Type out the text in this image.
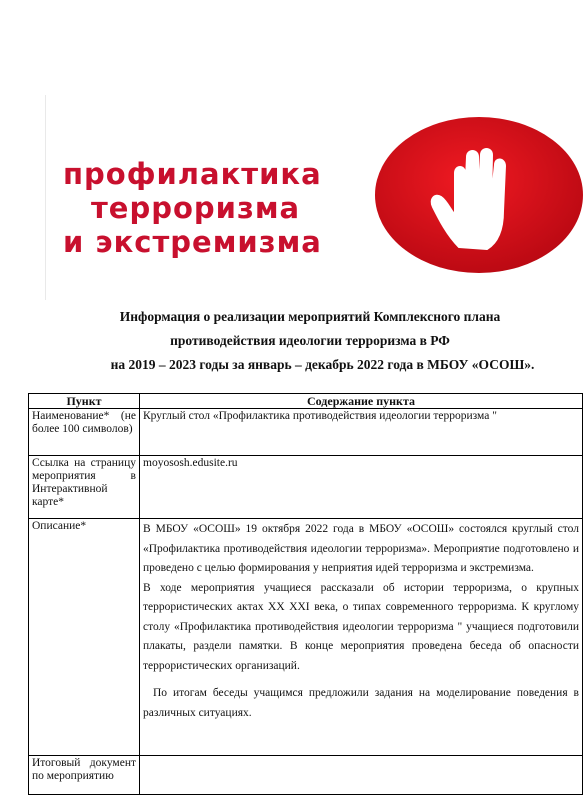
профилактика
терроризма
и экстремизма
Информация о реализации мероприятий Комплексного плана
противодействия идеологии терроризма в РФ
на 2019 – 2023 годы за январь – декабрь 2022 года в МБОУ «ОСОШ».
Пункт	Содержание пункта
Наименование* (не более 100 символов)	Круглый стол «Профилактика противодействия идеологии терроризма "
Ссылка на страницу мероприятия в Интерактивной карте*	moyososh.edusite.ru
Описание*	В МБОУ «ОСОШ» 19 октября 2022 года в МБОУ «ОСОШ» состоялся круглый стол «Профилактика противодействия идеологии терроризма». Мероприятие подготовлено и проведено с целью формирования у неприятия идей терроризма и экстремизма.

В ходе мероприятия учащиеся рассказали об истории терроризма, о крупных террористических актах XX XXI века, о типах современного терроризма. К круглому столу «Профилактика противодействия идеологии терроризма " учащиеся подготовили плакаты, раздели памятки. В конце мероприятия проведена беседа об опасности террористических организаций.

По итогам беседы учащимся предложили задания на моделирование поведения в различных ситуациях.

Итоговый документ по мероприятию	
